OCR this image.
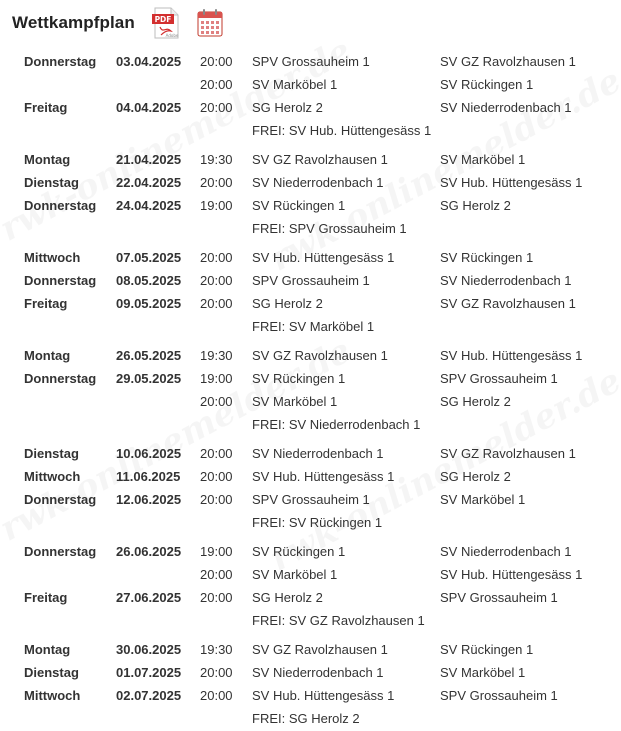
Wettkampfplan	PDF
Adobe
Donnerstag	03.04.2025	20:00	SPV Grossauheim 1	SV GZ Ravolzhausen 1
		20:00	SV Marköbel 1	SV Rückingen 1
Freitag	04.04.2025	20:00	SG Herolz 2	SV Niederrodenbach 1
			FREI: SV Hub. Hüttengesäss 1	

Montag	21.04.2025	19:30	SV GZ Ravolzhausen 1	SV Marköbel 1
Dienstag	22.04.2025	20:00	SV Niederrodenbach 1	SV Hub. Hüttengesäss 1
Donnerstag	24.04.2025	19:00	SV Rückingen 1	SG Herolz 2
			FREI: SPV Grossauheim 1	

Mittwoch	07.05.2025	20:00	SV Hub. Hüttengesäss 1	SV Rückingen 1
Donnerstag	08.05.2025	20:00	SPV Grossauheim 1	SV Niederrodenbach 1
Freitag	09.05.2025	20:00	SG Herolz 2	SV GZ Ravolzhausen 1
			FREI: SV Marköbel 1	

Montag	26.05.2025	19:30	SV GZ Ravolzhausen 1	SV Hub. Hüttengesäss 1
Donnerstag	29.05.2025	19:00	SV Rückingen 1	SPV Grossauheim 1
		20:00	SV Marköbel 1	SG Herolz 2
			FREI: SV Niederrodenbach 1	

Dienstag	10.06.2025	20:00	SV Niederrodenbach 1	SV GZ Ravolzhausen 1
Mittwoch	11.06.2025	20:00	SV Hub. Hüttengesäss 1	SG Herolz 2
Donnerstag	12.06.2025	20:00	SPV Grossauheim 1	SV Marköbel 1
			FREI: SV Rückingen 1	

Donnerstag	26.06.2025	19:00	SV Rückingen 1	SV Niederrodenbach 1
		20:00	SV Marköbel 1	SV Hub. Hüttengesäss 1
Freitag	27.06.2025	20:00	SG Herolz 2	SPV Grossauheim 1
			FREI: SV GZ Ravolzhausen 1	

Montag	30.06.2025	19:30	SV GZ Ravolzhausen 1	SV Rückingen 1
Dienstag	01.07.2025	20:00	SV Niederrodenbach 1	SV Marköbel 1
Mittwoch	02.07.2025	20:00	SV Hub. Hüttengesäss 1	SPV Grossauheim 1
			FREI: SG Herolz 2	
